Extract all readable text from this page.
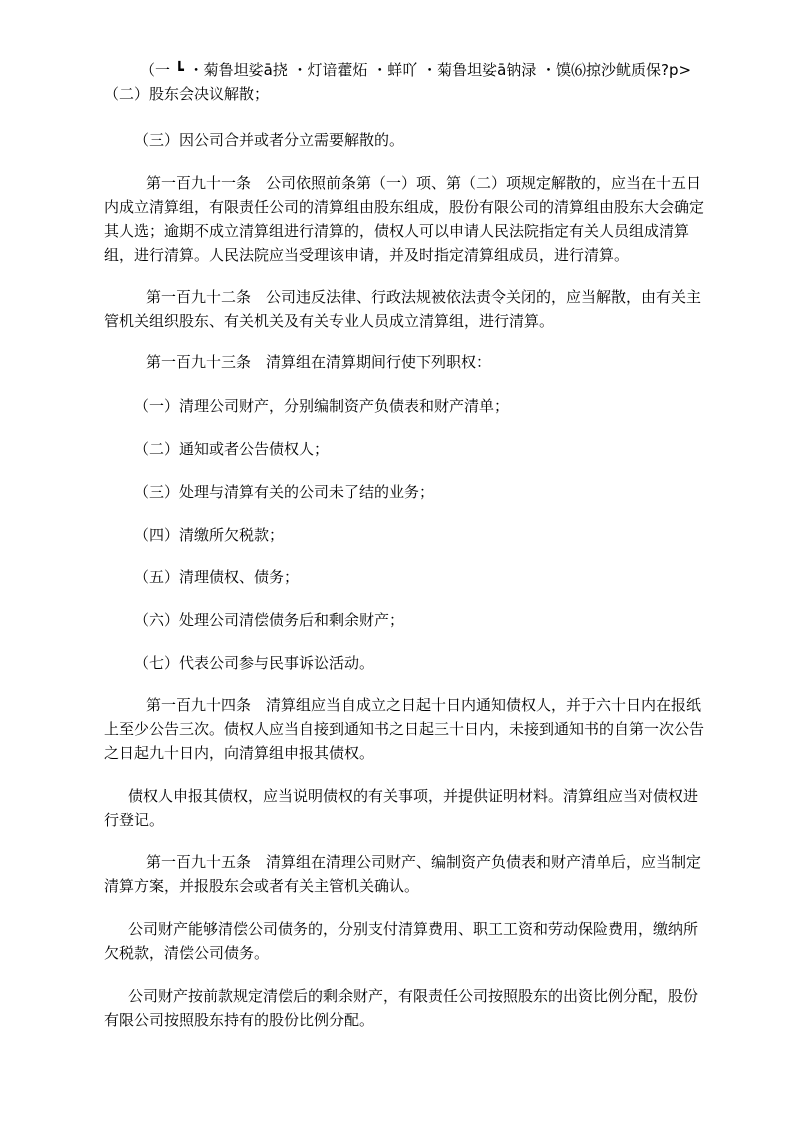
（一 ┗ ・菊鲁坦娑ā挠 ・灯谙藿炻 ・蛘吖 ・菊鲁坦娑ā钠渌 ・馍⑹掠沙鱿质保?p>
（二）股东会决议解散；
（三）因公司合并或者分立需要解散的。
第一百九十一条　公司依照前条第（一）项、第（二）项规定解散的，应当在十五日
内成立清算组，有限责任公司的清算组由股东组成，股份有限公司的清算组由股东大会确定
其人选；逾期不成立清算组进行清算的，债权人可以申请人民法院指定有关人员组成清算
组，进行清算。人民法院应当受理该申请，并及时指定清算组成员，进行清算。
第一百九十二条　公司违反法律、行政法规被依法责令关闭的，应当解散，由有关主
管机关组织股东、有关机关及有关专业人员成立清算组，进行清算。
第一百九十三条　清算组在清算期间行使下列职权：
（一）清理公司财产，分别编制资产负债表和财产清单；
（二）通知或者公告债权人；
（三）处理与清算有关的公司未了结的业务；
（四）清缴所欠税款；
（五）清理债权、债务；
（六）处理公司清偿债务后和剩余财产；
（七）代表公司参与民事诉讼活动。
第一百九十四条　清算组应当自成立之日起十日内通知债权人，并于六十日内在报纸
上至少公告三次。债权人应当自接到通知书之日起三十日内，未接到通知书的自第一次公告
之日起九十日内，向清算组申报其债权。
债权人申报其债权，应当说明债权的有关事项，并提供证明材料。清算组应当对债权进
行登记。
第一百九十五条　清算组在清理公司财产、编制资产负债表和财产清单后，应当制定
清算方案，并报股东会或者有关主管机关确认。
公司财产能够清偿公司债务的，分别支付清算费用、职工工资和劳动保险费用，缴纳所
欠税款，清偿公司债务。
公司财产按前款规定清偿后的剩余财产，有限责任公司按照股东的出资比例分配，股份
有限公司按照股东持有的股份比例分配。
